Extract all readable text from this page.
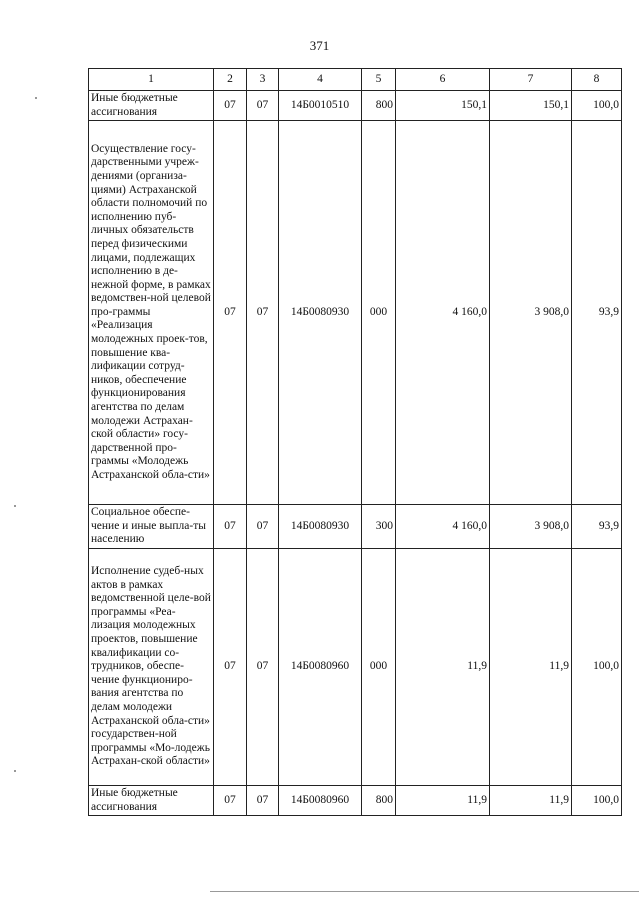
371
1	2	3	4	5	6	7	8
Иные бюджетные ассигнования	07	07	14Б0010510	800	150,1	150,1	100,0
Осуществление госу-дарственными учреж-дениями (организа-циями) Астраханской области полномочий по исполнению пуб-личных обязательств перед физическими лицами, подлежащих исполнению в де-нежной форме, в рамках ведомствен-ной целевой про-граммы «Реализация молодежных проек-тов, повышение ква-лификации сотруд-ников, обеспечение функционирования агентства по делам молодежи Астрахан-ской области» госу-дарственной про-граммы «Молодежь Астраханской обла-сти»	07	07	14Б0080930	000	4 160,0	3 908,0	93,9
Социальное обеспе-чение и иные выпла-ты населению	07	07	14Б0080930	300	4 160,0	3 908,0	93,9
Исполнение судеб-ных актов в рамках ведомственной целе-вой программы «Реа-лизация молодежных проектов, повышение квалификации со-трудников, обеспе-чение функциониро-вания агентства по делам молодежи Астраханской обла-сти» государствен-ной программы «Мо-лодежь Астрахан-ской области»	07	07	14Б0080960	000	11,9	11,9	100,0
Иные бюджетные ассигнования	07	07	14Б0080960	800	11,9	11,9	100,0
